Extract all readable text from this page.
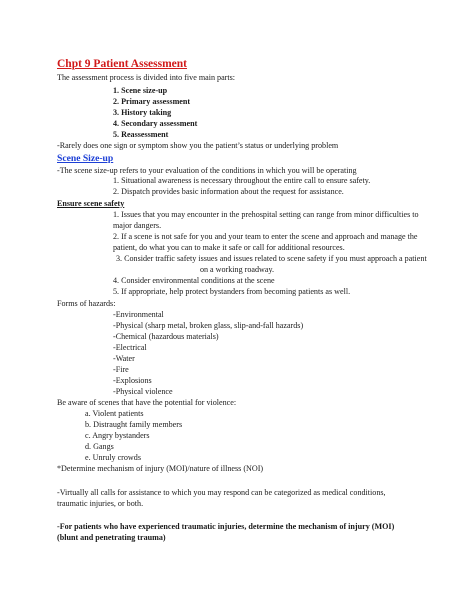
Chpt 9 Patient Assessment
The assessment process is divided into five main parts:
1. Scene size-up
2. Primary assessment
3. History taking
4. Secondary assessment
5. Reassessment
-Rarely does one sign or symptom show you the patient’s status or underlying problem
Scene Size-up
-The scene size-up refers to your evaluation of the conditions in which you will be operating
1. Situational awareness is necessary throughout the entire call to ensure safety.
2. Dispatch provides basic information about the request for assistance.
Ensure scene safety
1. Issues that you may encounter in the prehospital setting can range from minor difficulties to
major dangers.
2. If a scene is not safe for you and your team to enter the scene and approach and manage the
patient, do what you can to make it safe or call for additional resources.
3. Consider traffic safety issues and issues related to scene safety if you must approach a patient
on a working roadway.
4. Consider environmental conditions at the scene
5. If appropriate, help protect bystanders from becoming patients as well.
Forms of hazards:
-Environmental
-Physical (sharp metal, broken glass, slip-and-fall hazards)
-Chemical (hazardous materials)
-Electrical
-Water
-Fire
-Explosions
-Physical violence
Be aware of scenes that have the potential for violence:
a. Violent patients
b. Distraught family members
c. Angry bystanders
d. Gangs
e. Unruly crowds
*Determine mechanism of injury (MOI)/nature of illness (NOI)
-Virtually all calls for assistance to which you may respond can be categorized as medical conditions,
traumatic injuries, or both.
-For patients who have experienced traumatic injuries, determine the mechanism of injury (MOI)
(blunt and penetrating trauma)
